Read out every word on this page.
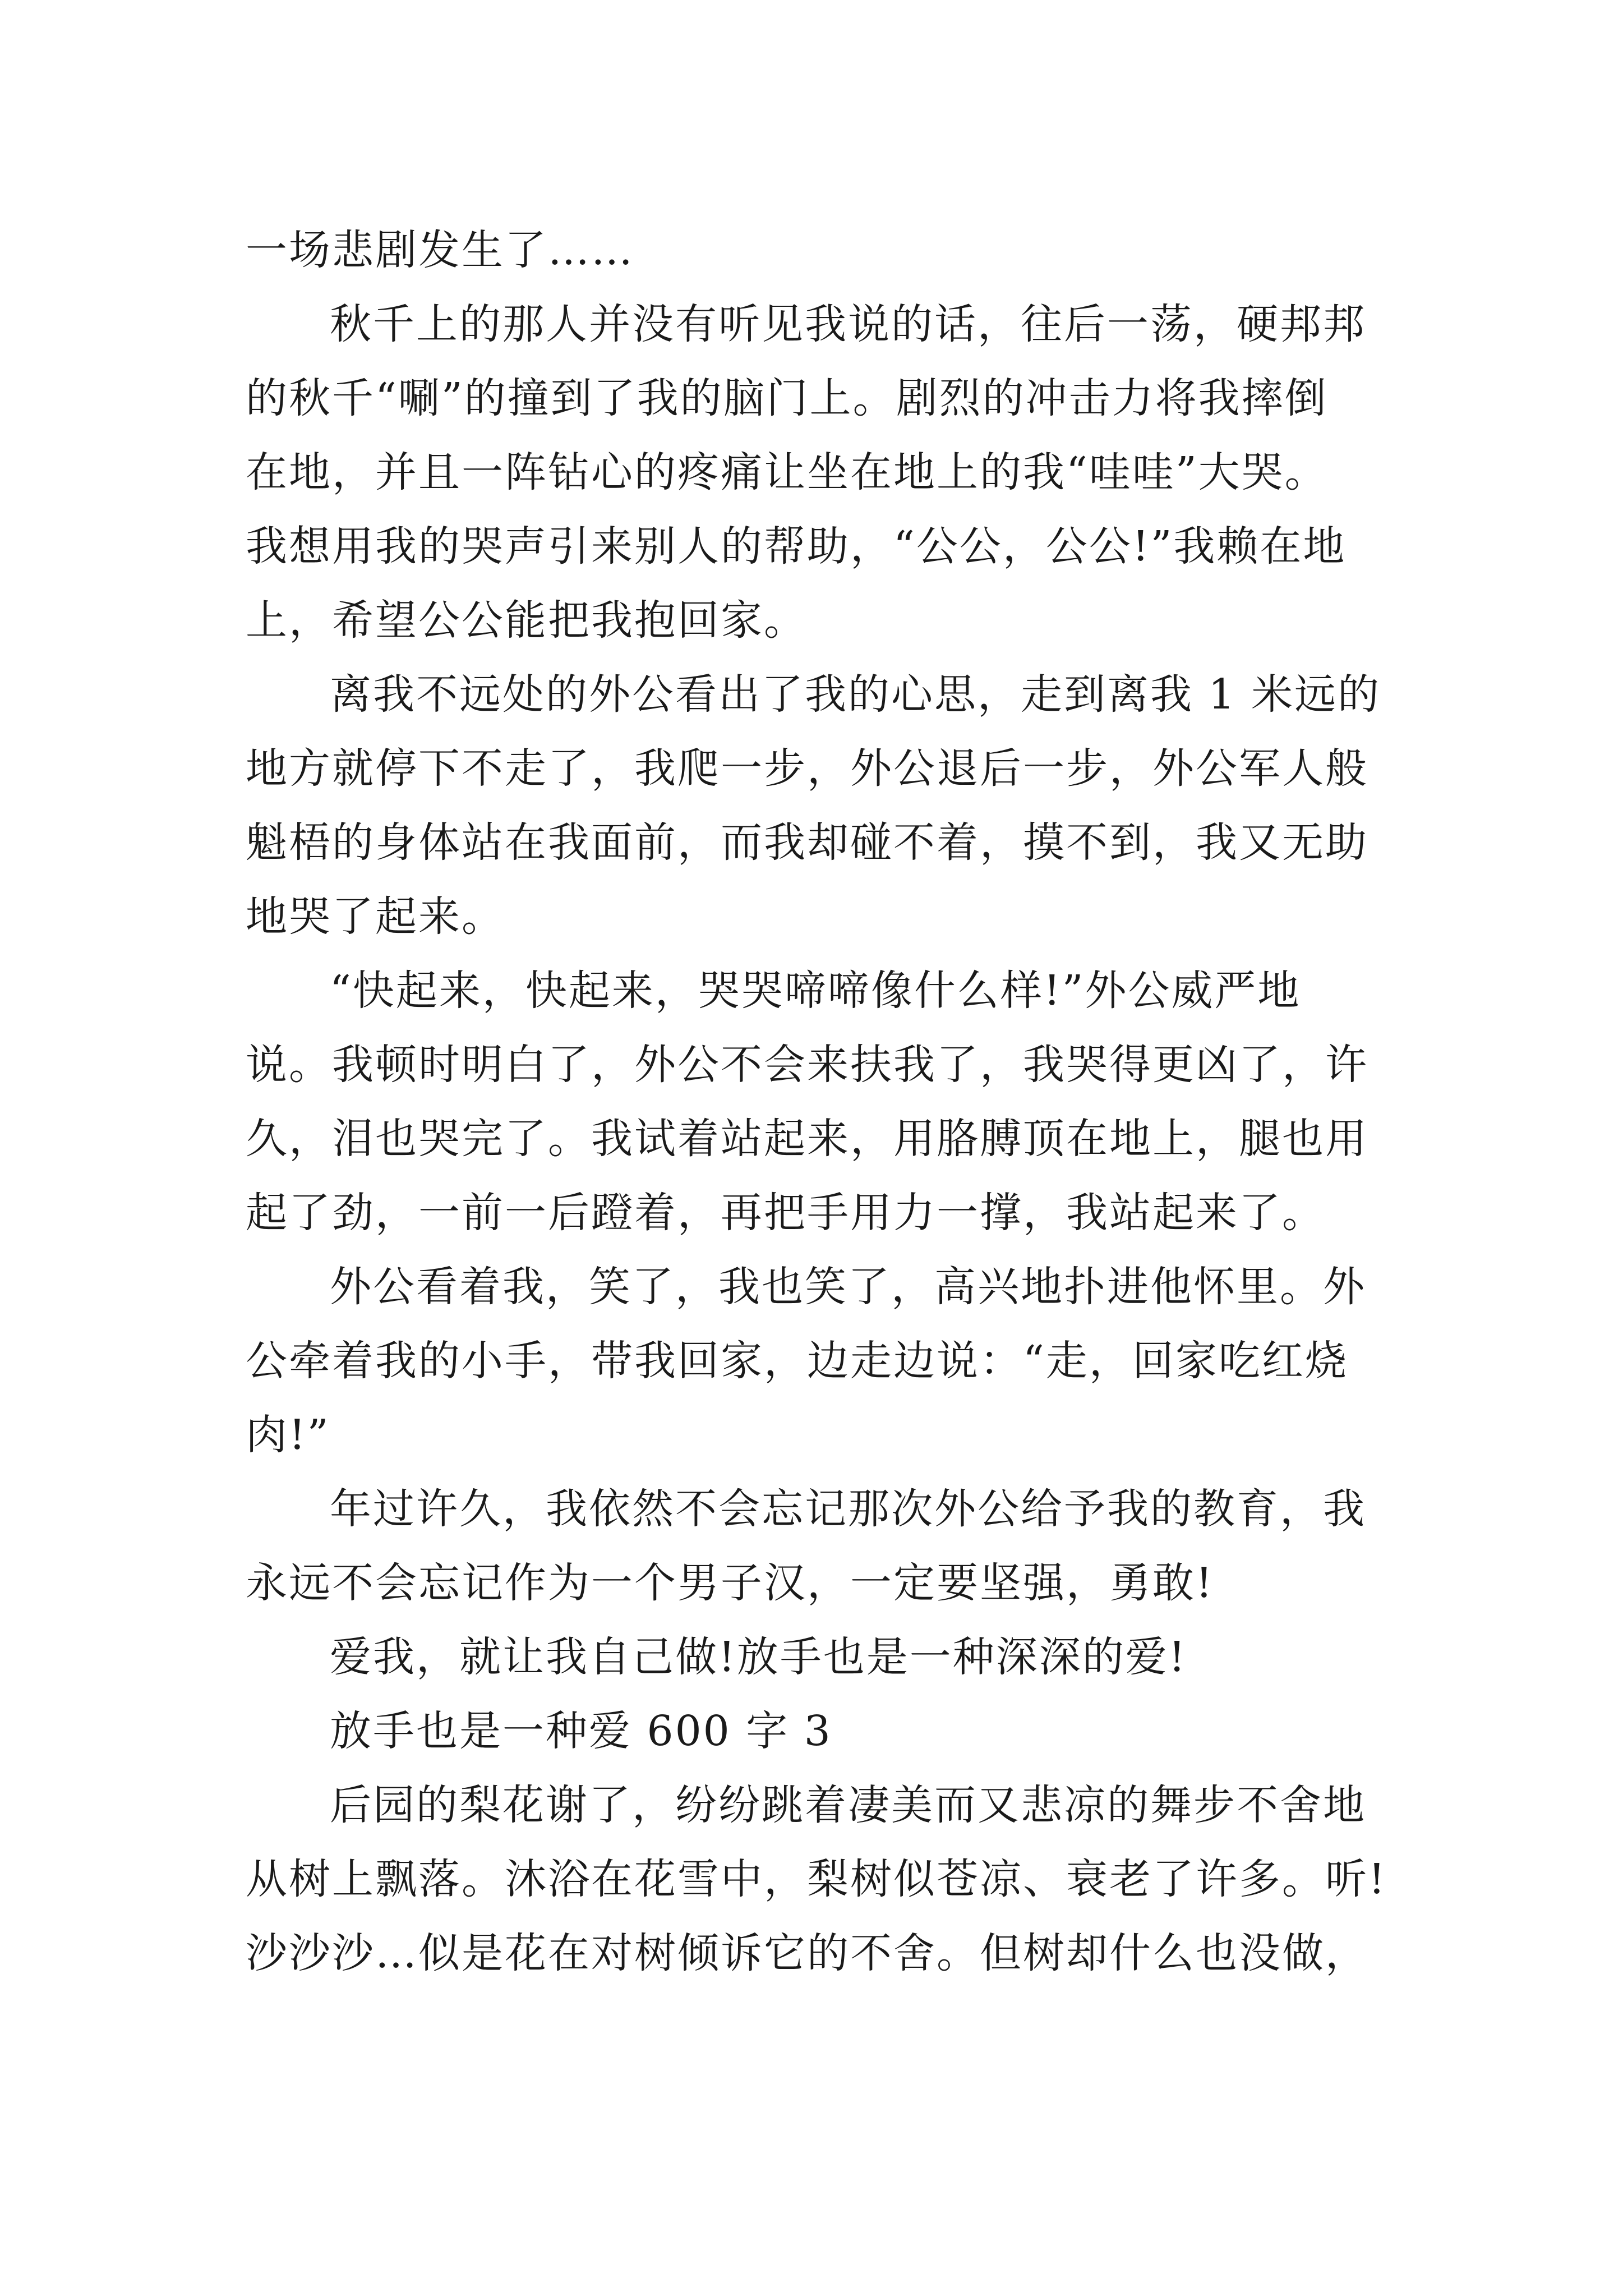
一场悲剧发生了……
秋千上的那人并没有听见我说的话，往后一荡，硬邦邦
的秋千“唰”的撞到了我的脑门上。剧烈的冲击力将我摔倒
在地，并且一阵钻心的疼痛让坐在地上的我“哇哇”大哭。
我想用我的哭声引来别人的帮助，“公公，公公!”我赖在地
上，希望公公能把我抱回家。
离我不远处的外公看出了我的心思，走到离我 1 米远的
地方就停下不走了，我爬一步，外公退后一步，外公军人般
魁梧的身体站在我面前，而我却碰不着，摸不到，我又无助
地哭了起来。
“快起来，快起来，哭哭啼啼像什么样!”外公威严地
说。我顿时明白了，外公不会来扶我了，我哭得更凶了，许
久，泪也哭完了。我试着站起来，用胳膊顶在地上，腿也用
起了劲，一前一后蹬着，再把手用力一撑，我站起来了。
外公看着我，笑了，我也笑了，高兴地扑进他怀里。外
公牵着我的小手，带我回家，边走边说：“走，回家吃红烧
肉!”
年过许久，我依然不会忘记那次外公给予我的教育，我
永远不会忘记作为一个男子汉，一定要坚强，勇敢!
爱我，就让我自己做!放手也是一种深深的爱!
放手也是一种爱 600 字 3
后园的梨花谢了，纷纷跳着凄美而又悲凉的舞步不舍地
从树上飘落。沐浴在花雪中，梨树似苍凉、衰老了许多。听!
沙沙沙…似是花在对树倾诉它的不舍。但树却什么也没做，
